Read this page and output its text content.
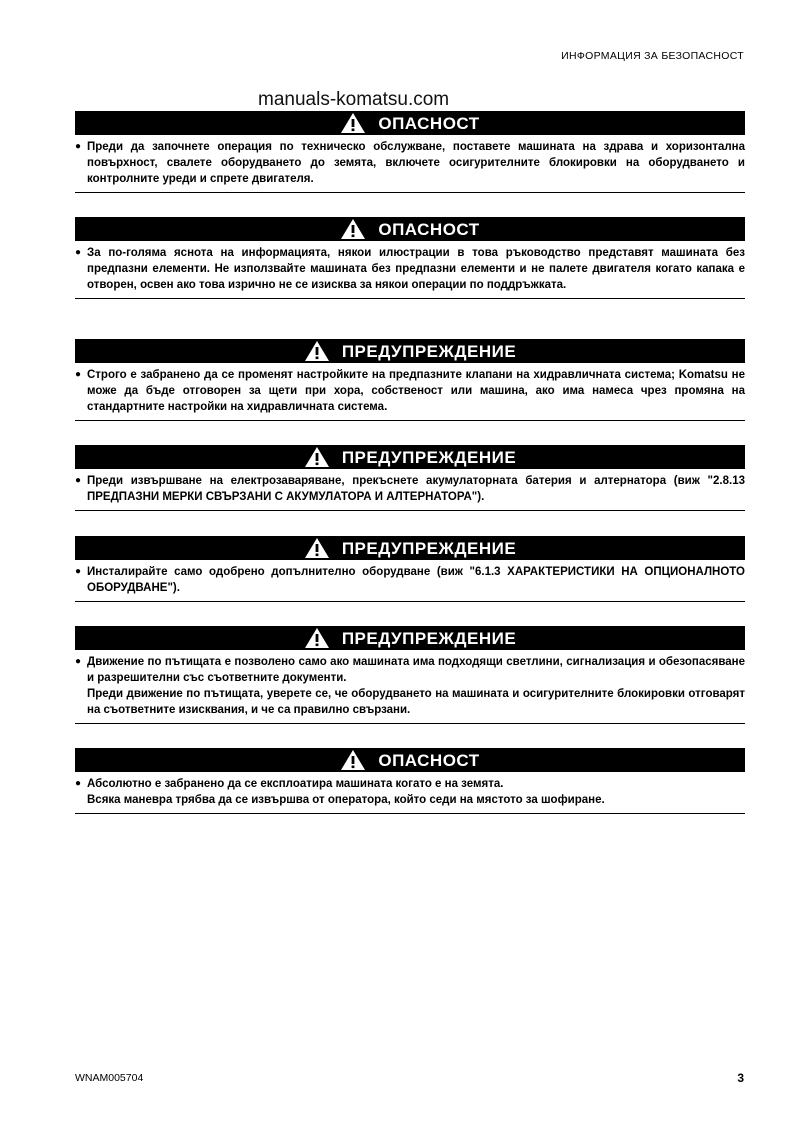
ИНФОРМАЦИЯ ЗА БЕЗОПАСНОСТ
manuals-komatsu.com
ОПАСНОСТ
● Преди да започнете операция по техническо обслужване, поставете машината на здрава и хоризонтална повърхност, свалете оборудването до земята, включете осигурителните блокировки на оборудването и контролните уреди и спрете двигателя.

ОПАСНОСТ
● За по-голяма яснота на информацията, някои илюстрации в това ръководство представят машината без предпазни елементи. Не използвайте машината без предпазни елементи и не палете двигателя когато капака е отворен, освен ако това изрично не се изисква за някои операции по поддръжката.

ПРЕДУПРЕЖДЕНИЕ
● Строго е забранено да се променят настройките на предпазните клапани на хидравличната система; Komatsu не може да бъде отговорен за щети при хора, собственост или машина, ако има намеса чрез промяна на стандартните настройки на хидравличната система.

ПРЕДУПРЕЖДЕНИЕ
● Преди извършване на електрозаваряване, прекъснете акумулаторната батерия и алтернатора (виж "2.8.13 ПРЕДПАЗНИ МЕРКИ СВЪРЗАНИ С АКУМУЛАТОРА И АЛТЕРНАТОРА").

ПРЕДУПРЕЖДЕНИЕ
● Инсталирайте само одобрено допълнително оборудване (виж "6.1.3 ХАРАКТЕРИСТИКИ НА ОПЦИОНАЛНОТО ОБОРУДВАНЕ").

ПРЕДУПРЕЖДЕНИЕ
● Движение по пътищата е позволено само ако машината има подходящи светлини, сигнализация и обезопасяване и разрешителни със съответните документи.

Преди движение по пътищата, уверете се, че оборудването на машината и осигурителните блокировки отговарят на съответните изисквания, и че са правилно свързани.

ОПАСНОСТ
● Абсолютно е забранено да се експлоатира машината когато е на земята.

Всяка маневра трябва да се извършва от оператора, който седи на мястото за шофиране.

WNAM005704	3
